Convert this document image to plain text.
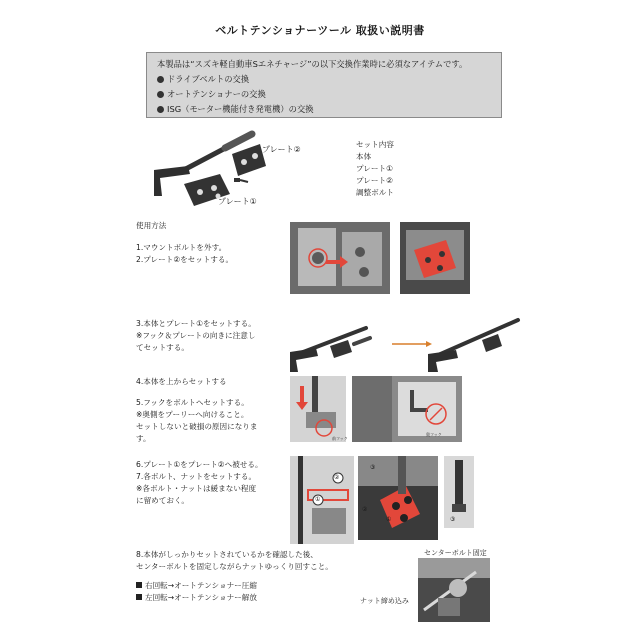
ベルトテンショナーツール 取扱い説明書
本製品は“スズキ軽自動車Sエネチャージ”の以下交換作業時に必須なアイテムです。
ドライブベルトの交換
オートテンショナーの交換
ISG（モーター機能付き発電機）の交換
プレート②
プレート①
セット内容
本体
プレート①
プレート②
調整ボルト
使用方法
1.マウントボルトを外す。
2.プレート②をセットする。
3.本体とプレート①をセットする。
※フック＆プレートの向きに注意し
てセットする。
4.本体を上からセットする
5.フックをボルトへセットする。
※奥側をプーリーへ向けること。
セットしないと破損の原因になりま
す。	前フック
奥フック
6.プレート①をプレート②へ被せる。
7.各ボルト、ナットをセットする。
※各ボルト・ナットは緩まない程度
に留めておく。
②
①
③
②
①	③
8.本体がしっかりセットされているかを確認した後、
センターボルトを固定しながらナットゆっくり回すこと。
右回転→オートテンショナー圧縮
左回転→オートテンショナー解放
センターボルト固定
ナット締め込み
